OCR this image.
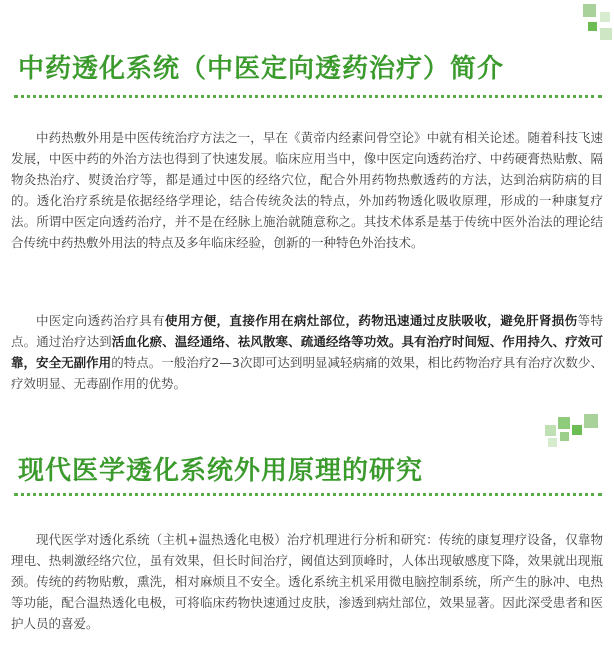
中药透化系统（中医定向透药治疗）简介

中药热敷外用是中医传统治疗方法之一，早在《黄帝内经素问骨空论》中就有相关论述。随着科技飞速发展，中医中药的外治方法也得到了快速发展。临床应用当中，像中医定向透药治疗、中药硬膏热贴敷、隔物灸热治疗、熨烫治疗等，都是通过中医的经络穴位，配合外用药物热敷透药的方法，达到治病防病的目的。透化治疗系统是依据经络学理论，结合传统灸法的特点，外加药物透化吸收原理，形成的一种康复疗法。所谓中医定向透药治疗，并不是在经脉上施治就随意称之。其技术体系是基于传统中医外治法的理论结合传统中药热敷外用法的特点及多年临床经验，创新的一种特色外治技术。

中医定向透药治疗具有使用方便，直接作用在病灶部位，药物迅速通过皮肤吸收，避免肝肾损伤等特点。通过治疗达到活血化瘀、温经通络、祛风散寒、疏通经络等功效。具有治疗时间短、作用持久、疗效可靠，安全无副作用的特点。一般治疗2—3次即可达到明显减轻病痛的效果，相比药物治疗具有治疗次数少、疗效明显、无毒副作用的优势。

现代医学透化系统外用原理的研究

现代医学对透化系统（主机+温热透化电极）治疗机理进行分析和研究：传统的康复理疗设备，仅靠物理电、热刺激经络穴位，虽有效果，但长时间治疗，阈值达到顶峰时，人体出现敏感度下降，效果就出现瓶颈。传统的药物贴敷，熏洗，相对麻烦且不安全。透化系统主机采用微电脑控制系统，所产生的脉冲、电热等功能，配合温热透化电极，可将临床药物快速通过皮肤，渗透到病灶部位，效果显著。因此深受患者和医护人员的喜爱。
